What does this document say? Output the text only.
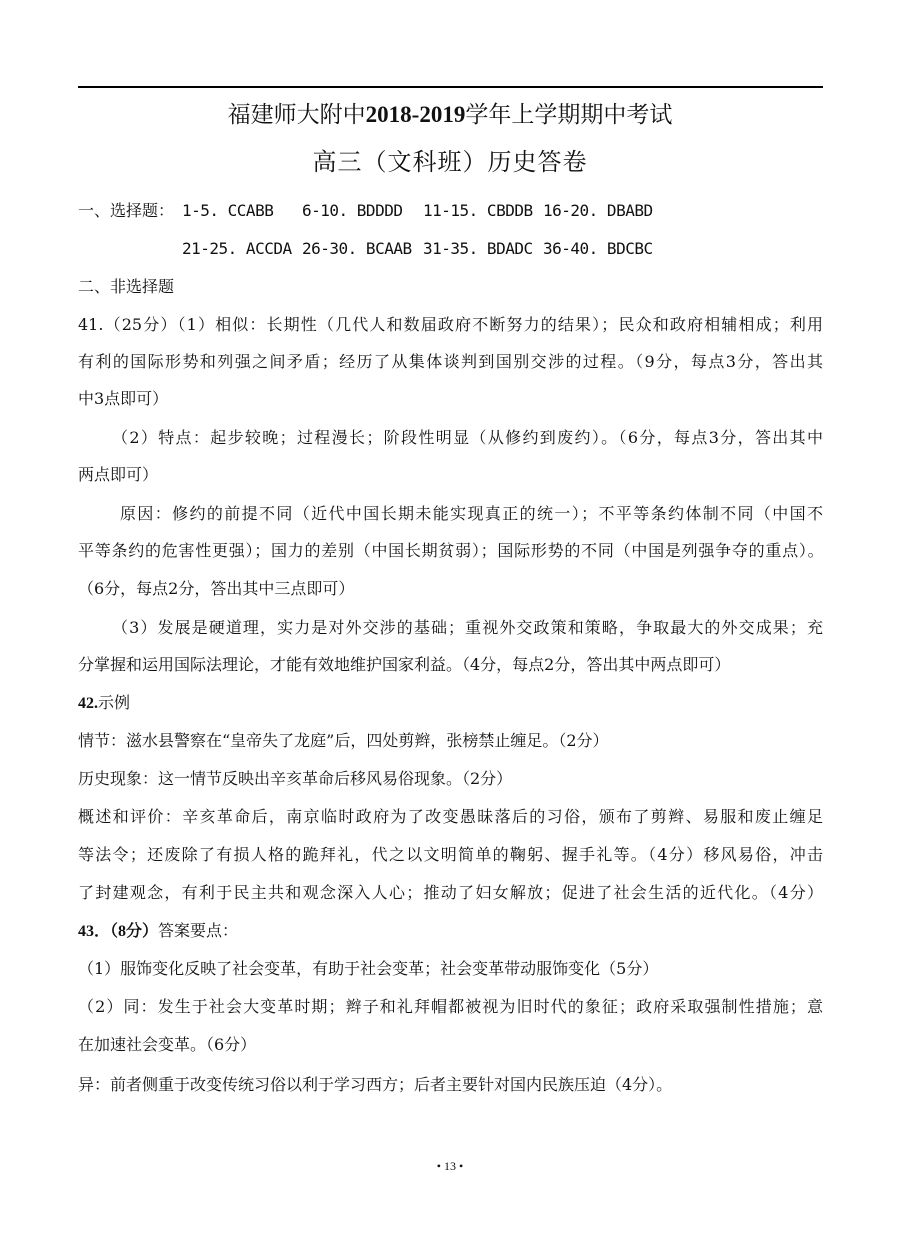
福建师大附中2018-2019学年上学期期中考试
高三（文科班）历史答卷
一、选择题： 1-5. CCABB 6-10. BDDDD 11-15. CBDDB 16-20. DBABD
21-25. ACCDA 26-30. BCAAB 31-35. BDADC 36-40. BDCBC
二、非选择题
41.（25分）（1）相似：长期性（几代人和数届政府不断努力的结果）；民众和政府相辅相成；利用
有利的国际形势和列强之间矛盾；经历了从集体谈判到国别交涉的过程。（9分，每点3分，答出其
中3点即可）
（2）特点：起步较晚；过程漫长；阶段性明显（从修约到废约）。（6分，每点3分，答出其中
两点即可）
原因：修约的前提不同（近代中国长期未能实现真正的统一）；不平等条约体制不同（中国不
平等条约的危害性更强）；国力的差别（中国长期贫弱）；国际形势的不同（中国是列强争夺的重点）。
（6分，每点2分，答出其中三点即可）
（3）发展是硬道理，实力是对外交涉的基础；重视外交政策和策略，争取最大的外交成果；充
分掌握和运用国际法理论，才能有效地维护国家利益。（4分，每点2分，答出其中两点即可）
42.示例
情节：滋水县警察在“皇帝失了龙庭”后，四处剪辫，张榜禁止缠足。（2分）
历史现象：这一情节反映出辛亥革命后移风易俗现象。（2分）
概述和评价：辛亥革命后，南京临时政府为了改变愚昧落后的习俗，颁布了剪辫、易服和废止缠足
等法令；还废除了有损人格的跪拜礼，代之以文明简单的鞠躬、握手礼等。（4分）移风易俗，冲击
了封建观念，有利于民主共和观念深入人心；推动了妇女解放；促进了社会生活的近代化。（4分）
43．（8分）答案要点：
（1）服饰变化反映了社会变革，有助于社会变革；社会变革带动服饰变化（5分）
（2）同：发生于社会大变革时期；辫子和礼拜帽都被视为旧时代的象征；政府采取强制性措施；意
在加速社会变革。（6分）
异：前者侧重于改变传统习俗以利于学习西方；后者主要针对国内民族压迫（4分）。
• 13 •
